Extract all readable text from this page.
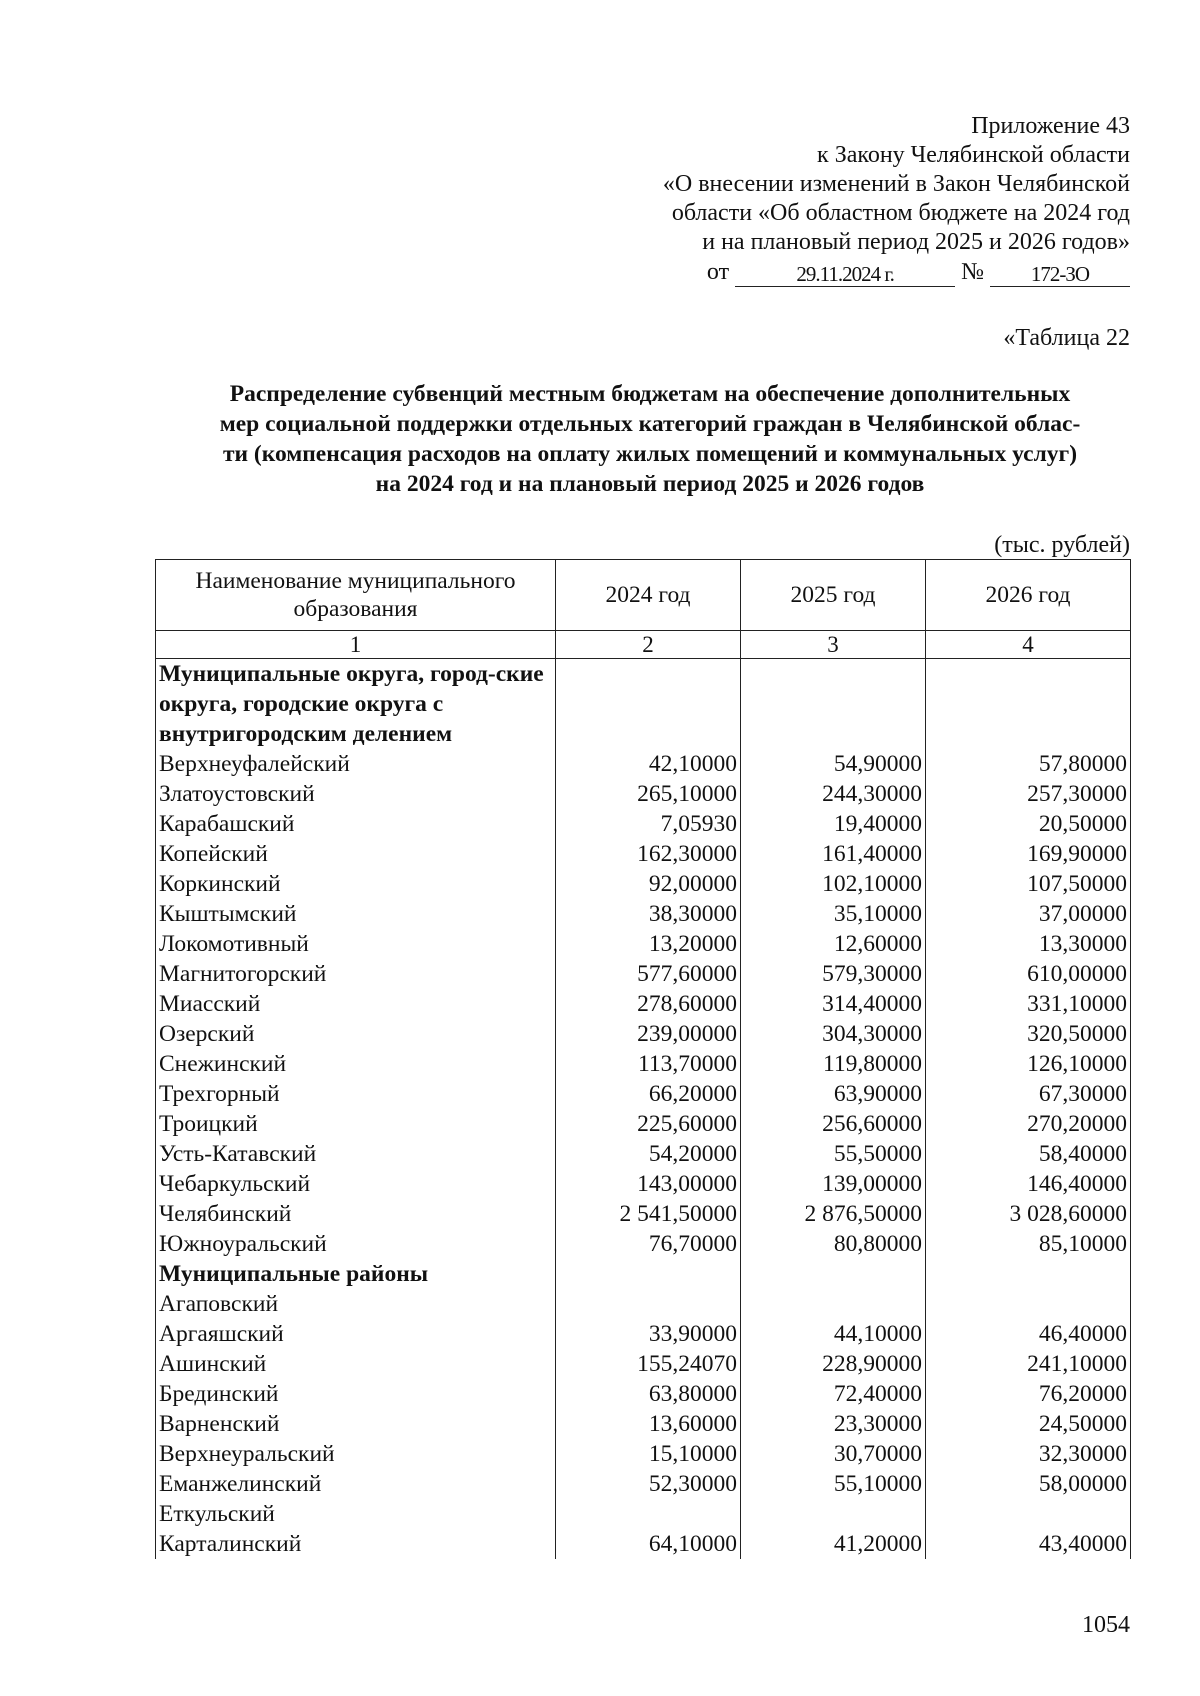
Приложение 43
к Закону Челябинской области
«О внесении изменений в Закон Челябинской
области «Об областном бюджете на 2024 год
и на плановый период 2025 и 2026 годов»
от	29.11.2024 г.	№	172-ЗО
«Таблица 22
Распределение субвенций местным бюджетам на обеспечение дополнительных
мер социальной поддержки отдельных категорий граждан в Челябинской облас-
ти (компенсация расходов на оплату жилых помещений и коммунальных услуг)
на 2024 год и на плановый период 2025 и 2026 годов
(тыс. рублей)
Наименование муниципального образования	2024 год	2025 год	2026 год
1	2	3	4
Муниципальные округа, город-ские округа, городские округа с внутригородским делением			
Верхнеуфалейский	42,10000	54,90000	57,80000
Златоустовский	265,10000	244,30000	257,30000
Карабашский	7,05930	19,40000	20,50000
Копейский	162,30000	161,40000	169,90000
Коркинский	92,00000	102,10000	107,50000
Кыштымский	38,30000	35,10000	37,00000
Локомотивный	13,20000	12,60000	13,30000
Магнитогорский	577,60000	579,30000	610,00000
Миасский	278,60000	314,40000	331,10000
Озерский	239,00000	304,30000	320,50000
Снежинский	113,70000	119,80000	126,10000
Трехгорный	66,20000	63,90000	67,30000
Троицкий	225,60000	256,60000	270,20000
Усть-Катавский	54,20000	55,50000	58,40000
Чебаркульский	143,00000	139,00000	146,40000
Челябинский	2 541,50000	2 876,50000	3 028,60000
Южноуральский	76,70000	80,80000	85,10000
Муниципальные районы			
Агаповский			
Аргаяшский	33,90000	44,10000	46,40000
Ашинский	155,24070	228,90000	241,10000
Брединский	63,80000	72,40000	76,20000
Варненский	13,60000	23,30000	24,50000
Верхнеуральский	15,10000	30,70000	32,30000
Еманжелинский	52,30000	55,10000	58,00000
Еткульский			
Карталинский	64,10000	41,20000	43,40000
1054
